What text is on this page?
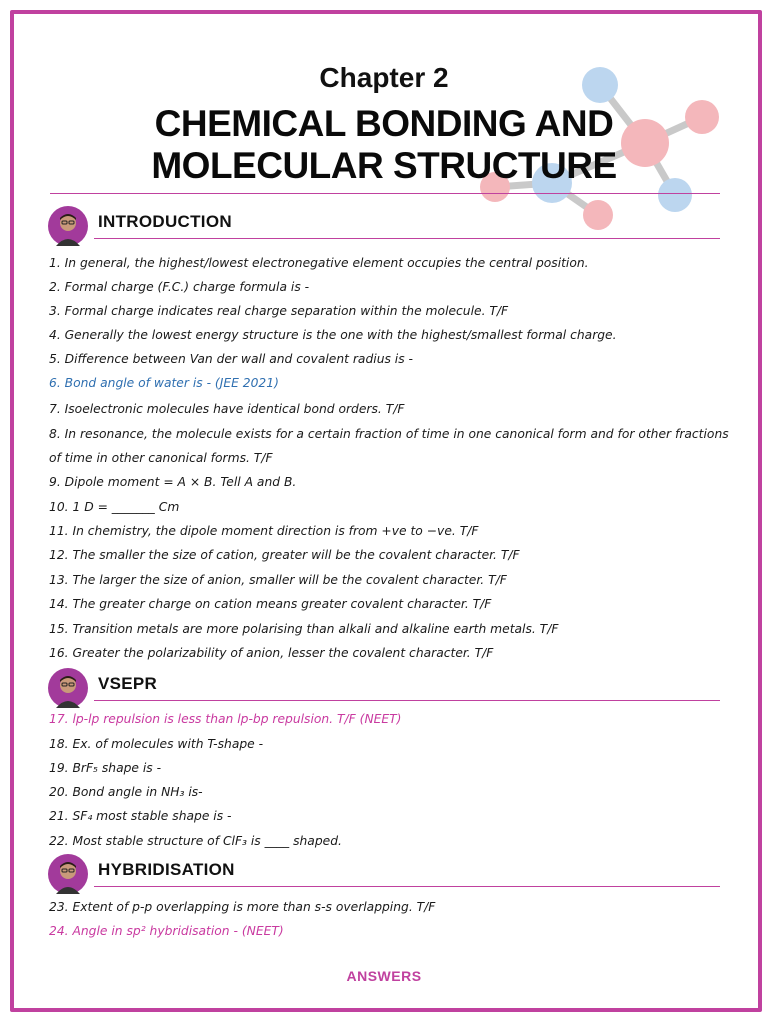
Chapter 2
CHEMICAL BONDING AND
MOLECULAR STRUCTURE
INTRODUCTION
1. In general, the highest/lowest electronegative element occupies the central position.
2. Formal charge (F.C.) charge formula is -
3. Formal charge indicates real charge separation within the molecule. T/F
4. Generally the lowest energy structure is the one with the highest/smallest formal charge.
5. Difference between Van der wall and covalent radius is -
6. Bond angle of water is - (JEE 2021)
7. Isoelectronic molecules have identical bond orders. T/F
8. In resonance, the molecule exists for a certain fraction of time in one canonical form and for other fractions
of time in other canonical forms. T/F
9. Dipole moment = A × B. Tell A and B.
10. 1 D = _______ Cm
11. In chemistry, the dipole moment direction is from +ve to −ve. T/F
12. The smaller the size of cation, greater will be the covalent character. T/F
13. The larger the size of anion, smaller will be the covalent character. T/F
14. The greater charge on cation means greater covalent character. T/F
15. Transition metals are more polarising than alkali and alkaline earth metals. T/F
16. Greater the polarizability of anion, lesser the covalent character. T/F
VSEPR
17. lp-lp repulsion is less than lp-bp repulsion. T/F (NEET)
18. Ex. of molecules with T-shape -
19. BrF₅ shape is -
20. Bond angle in NH₃ is-
21. SF₄ most stable shape is -
22. Most stable structure of ClF₃ is ____ shaped.
HYBRIDISATION
23. Extent of p-p overlapping is more than s-s overlapping. T/F
24. Angle in sp² hybridisation - (NEET)
ANSWERS
